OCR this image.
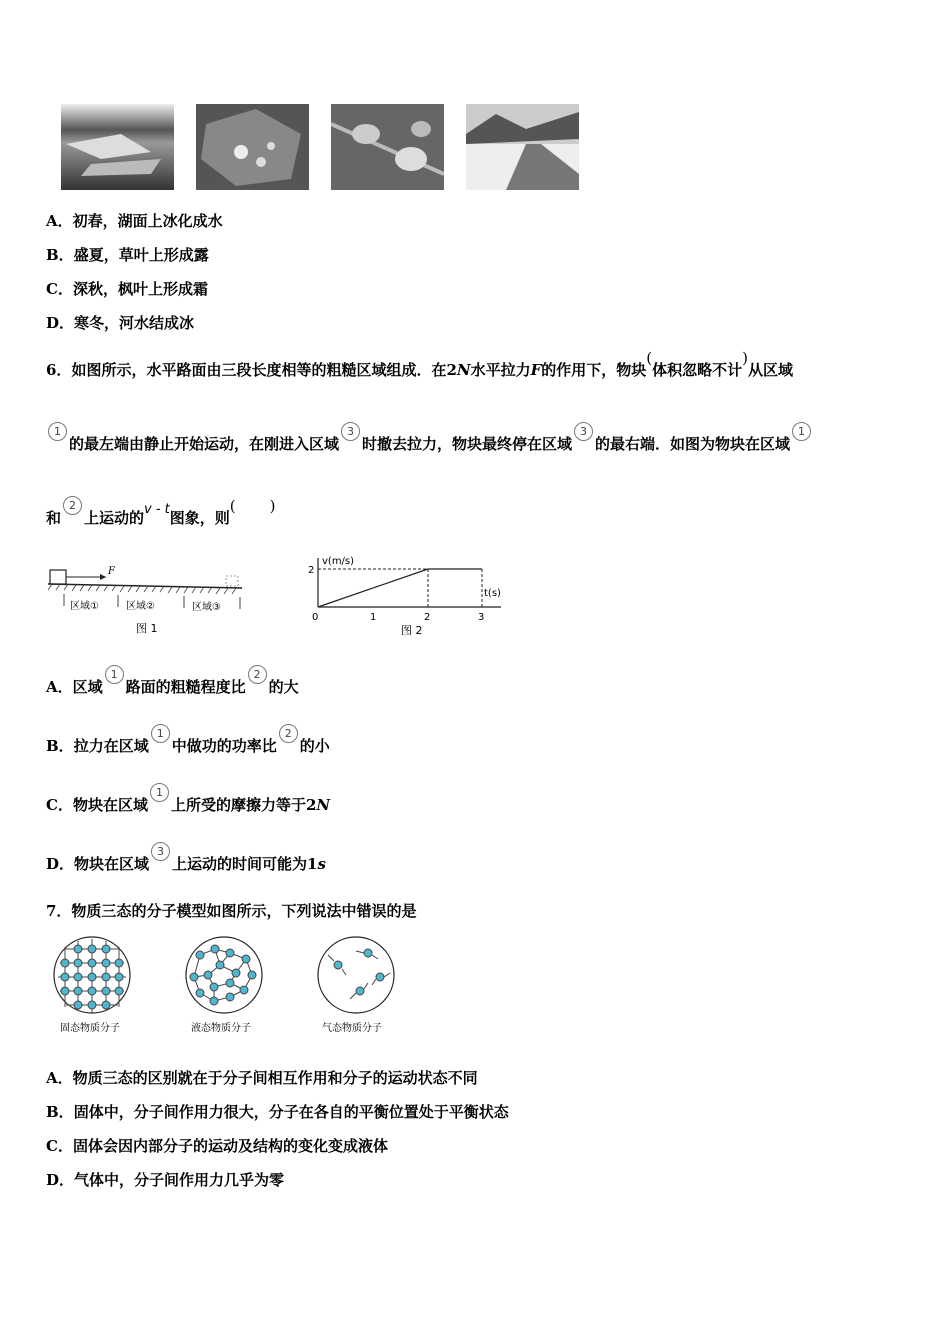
A．初春，湖面上冰化成水
B．盛夏，草叶上形成露
C．深秋，枫叶上形成霜
D．寒冬，河水结成冰
6．如图所示，水平路面由三段长度相等的粗糙区域组成．在2N水平拉力F的作用下，物块(体积忽略不计)从区域
1的最左端由静止开始运动，在刚进入区域3时撤去拉力，物块最终停在区域3的最右端．如图为物块在区域1
和2上运动的v - t图象，则( )
F
区域①	区域②	区域③
图 1
v(m/s)
t(s)
2
0	1	2	3
图 2
A．区域1路面的粗糙程度比2的大
B．拉力在区域1中做功的功率比2的小
C．物块在区域1上所受的摩擦力等于2N
D．物块在区域3上运动的时间可能为1s
7．物质三态的分子模型如图所示，下列说法中错误的是
固态物质分子	液态物质分子	气态物质分子
A．物质三态的区别就在于分子间相互作用和分子的运动状态不同
B．固体中，分子间作用力很大，分子在各自的平衡位置处于平衡状态
C．固体会因内部分子的运动及结构的变化变成液体
D．气体中，分子间作用力几乎为零
